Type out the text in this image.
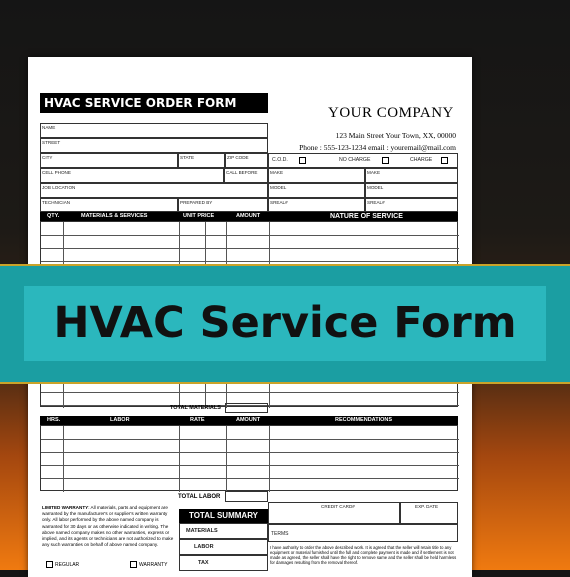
HVAC SERVICE ORDER FORM
YOUR COMPANY
123 Main Street Your Town, XX, 00000
Phone : 555-123-1234 email : youremail@mail.com
NAME
STREET
CITY	STATE	ZIP CODE	C.O.D.	NO CHARGE	CHARGE
CELL PHONE	CALL BEFORE	MAKE	MAKE
JOB LOCATION	MODEL	MODEL
TECHNICIAN	PREPARED BY	SREAL#	SREAL#
QTY.	MATERIALS & SERVICES	UNIT PRICE	AMOUNT	NATURE OF SERVICE
TOTAL MATERIALS
HRS.	LABOR	RATE	AMOUNT	RECOMMENDATIONS
TOTAL LABOR
LIMITED WARRANTY: All materials, parts and equipment are warranted by the manufacturer's or supplier's written warranty only. All labor performed by the above named company is warranted for 30 days or as otherwise indicated in writing. The above named company makes no other warranties, express or implied, and its agents or technicians are not authorized to make any such warranties on behalf of above named company.
REGULAR	WARRANTY
TOTAL SUMMARY
MATERIALS
LABOR
TAX
CREDIT CARD#	EXP. DATE
TERMS
I have authority to order the above described work. It is agreed that the seller will retain title to any equipment or material furnished until the full and complete payment is made and if settlement is not made as agreed, the seller shall have the right to remove same and the seller shall be held harmless for damages resulting from the removal thereof.
HVAC Service Form
